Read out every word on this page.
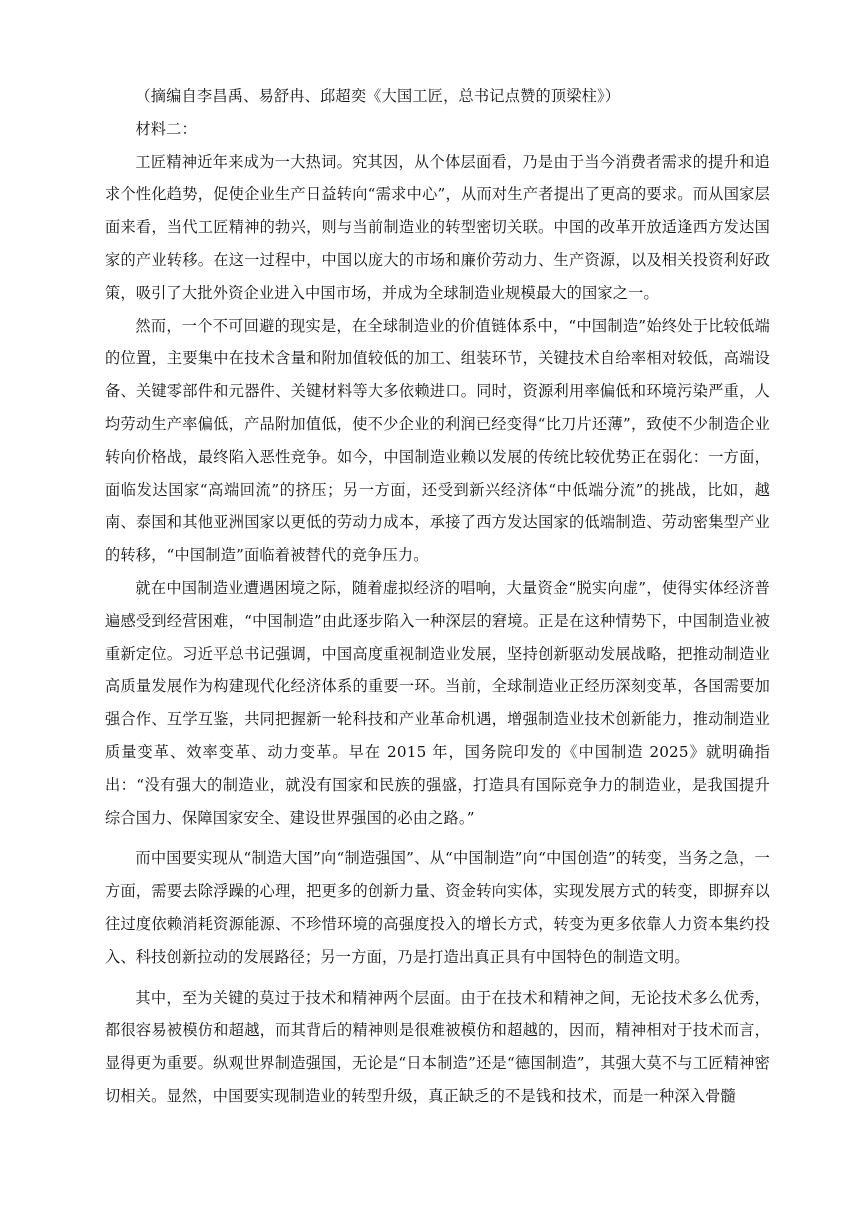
（摘编自李昌禹、易舒冉、邱超奕《大国工匠，总书记点赞的顶梁柱》）

材料二：

工匠精神近年来成为一大热词。究其因，从个体层面看，乃是由于当今消费者需求的提升和追求个性化趋势，促使企业生产日益转向“需求中心”，从而对生产者提出了更高的要求。而从国家层面来看，当代工匠精神的勃兴，则与当前制造业的转型密切关联。中国的改革开放适逢西方发达国家的产业转移。在这一过程中，中国以庞大的市场和廉价劳动力、生产资源，以及相关投资利好政策，吸引了大批外资企业进入中国市场，并成为全球制造业规模最大的国家之一。

然而，一个不可回避的现实是，在全球制造业的价值链体系中，“中国制造”始终处于比较低端的位置，主要集中在技术含量和附加值较低的加工、组装环节，关键技术自给率相对较低，高端设备、关键零部件和元器件、关键材料等大多依赖进口。同时，资源利用率偏低和环境污染严重，人均劳动生产率偏低，产品附加值低，使不少企业的利润已经变得“比刀片还薄”，致使不少制造企业转向价格战，最终陷入恶性竞争。如今，中国制造业赖以发展的传统比较优势正在弱化：一方面，面临发达国家“高端回流”的挤压；另一方面，还受到新兴经济体“中低端分流”的挑战，比如，越南、泰国和其他亚洲国家以更低的劳动力成本，承接了西方发达国家的低端制造、劳动密集型产业的转移，“中国制造”面临着被替代的竞争压力。

就在中国制造业遭遇困境之际，随着虚拟经济的唱响，大量资金“脱实向虚”，使得实体经济普遍感受到经营困难，“中国制造”由此逐步陷入一种深层的窘境。正是在这种情势下，中国制造业被重新定位。习近平总书记强调，中国高度重视制造业发展，坚持创新驱动发展战略，把推动制造业高质量发展作为构建现代化经济体系的重要一环。当前，全球制造业正经历深刻变革，各国需要加强合作、互学互鉴，共同把握新一轮科技和产业革命机遇，增强制造业技术创新能力，推动制造业质量变革、效率变革、动力变革。早在 2015 年，国务院印发的《中国制造 2025》就明确指出：“没有强大的制造业，就没有国家和民族的强盛，打造具有国际竞争力的制造业，是我国提升综合国力、保障国家安全、建设世界强国的必由之路。”

而中国要实现从“制造大国”向“制造强国”、从“中国制造”向“中国创造”的转变，当务之急，一方面，需要去除浮躁的心理，把更多的创新力量、资金转向实体，实现发展方式的转变，即摒弃以往过度依赖消耗资源能源、不珍惜环境的高强度投入的增长方式，转变为更多依靠人力资本集约投入、科技创新拉动的发展路径；另一方面，乃是打造出真正具有中国特色的制造文明。

其中，至为关键的莫过于技术和精神两个层面。由于在技术和精神之间，无论技术多么优秀，都很容易被模仿和超越，而其背后的精神则是很难被模仿和超越的，因而，精神相对于技术而言，显得更为重要。纵观世界制造强国，无论是“日本制造”还是“德国制造”，其强大莫不与工匠精神密切相关。显然，中国要实现制造业的转型升级，真正缺乏的不是钱和技术，而是一种深入骨髓
